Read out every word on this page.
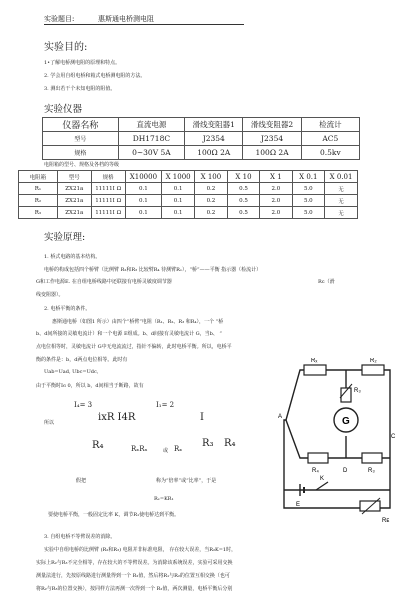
实验题目:	惠斯通电桥测电阻
实验目的:
1•了解电桥测电阻的原理和特点。
2. 学会用自组电桥和箱式电桥测电阻的方法。
3. 测出若干个未知电阻的阻值。
实验仪器
仪器名称	直流电源	滑线变阻器1	滑线变阻器2	检流计
型号	DH1718C	J2354	J2354	AC5
规格	0~30V 5A	100Ω 2A	100Ω 2A	0.5kv
电阻箱的型号、规格及各档的等级
电阻箱	型号	规格	X10000	X 1000	X 100	X 10	X 1	X 0.1	X 0.01
R₁	ZX21a	11111Ⅰ Ω	0.1	0.1	0.2	0.5	2.0	5.0	无
R₂	ZX21a	11111Ⅰ Ω	0.1	0.1	0.2	0.5	2.0	5.0	无
R₃	ZX21a	11111Ⅰ Ω	0.1	0.1	0.2	0.5	2.0	5.0	无
实验原理:
1. 桥式电路的基本结构。
电桥的构成包括四个桥臂（比例臂 R₂和R₃ 比较臂R₄ 待测臂Rₓ），“桥”——平衡 指示器（检流计）
G和工作电源E. 在自组电桥线路中还联接有电桥灵敏度调节器	Rᴄ（滑
线变阻器）。
2. 电桥平衡的条件。
惠斯通电桥（如图1 所示）由四个“桥臂”电阻（R₁、R₂、R₃ 和R₄），一个 “桥
b、d间所接的灵敏电流计）和一个电源 E组成。b、d间接有灵敏电流计 G，当b、 “
点电位相等时，灵敏电流计 G中无电流流过，指针不偏转，此时电桥平衡。所以，电桥平
衡的条件是：b，d两点电位相等。此时有
Uab=Uad, Ubc=Udc,
由于平衡时Iɢ 0，所以 b，d间相当于断路，故有
I₄= 3	I₁= 2
所以	ixR I4R	I
R₄	RₓRₓ	或 Rₓ R₃ R₄
假把	称为“倍率”或“比率”，于是
Rₓ=KR₁
要使电桥平衡，一般固定比率 K，调节R₁使电桥达到平衡。
3. 自组电桥不等臂误差的消除。
实验中自组电桥的比例臂 (R₂和R₃) 电阻并非标准电阻， 存在较大误差，当R₂K=1时，
实际上R₂与R₃不完全相等，存在较大的不等臂误差。为消除该系统误差，实验可采用交换
测量法进行，先按原线路进行测量得到一个 R₂值，然后将R₁与R₂的位置互相交换（也可
将R₂与R₃的位置交换），按同样方法再测一次得到一个 R₂值，两次测量，电桥平衡后分别
Rₓ	R₂
R₃
G
A
R₄	D	R₃
C
E
K
Rᴇ
